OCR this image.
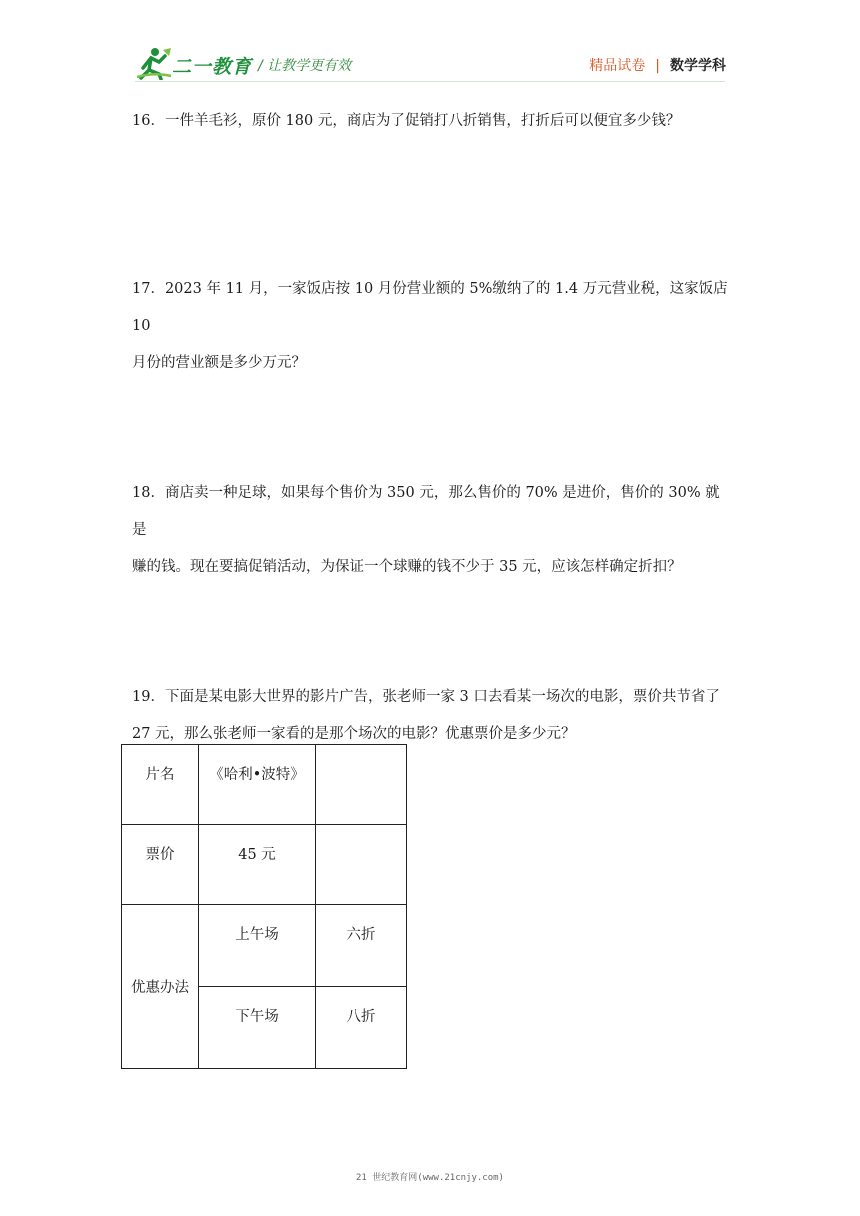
二一教育 / 让教学更有效	精品试卷 | 数学学科

16．一件羊毛衫，原价 180 元，商店为了促销打八折销售，打折后可以便宜多少钱？

17．2023 年 11 月，一家饭店按 10 月份营业额的 5%缴纳了的 1.4 万元营业税，这家饭店 10

月份的营业额是多少万元？

18．商店卖一种足球，如果每个售价为 350 元，那么售价的 70% 是进价，售价的 30% 就是

赚的钱。现在要搞促销活动，为保证一个球赚的钱不少于 35 元，应该怎样确定折扣？

19．下面是某电影大世界的影片广告，张老师一家 3 口去看某一场次的电影，票价共节省了

27 元，那么张老师一家看的是那个场次的电影？优惠票价是多少元？

片名	《哈利•波特》	
票价	45 元	
优惠办法	上午场	六折
	下午场	八折
21 世纪教育网(www.21cnjy.com)
